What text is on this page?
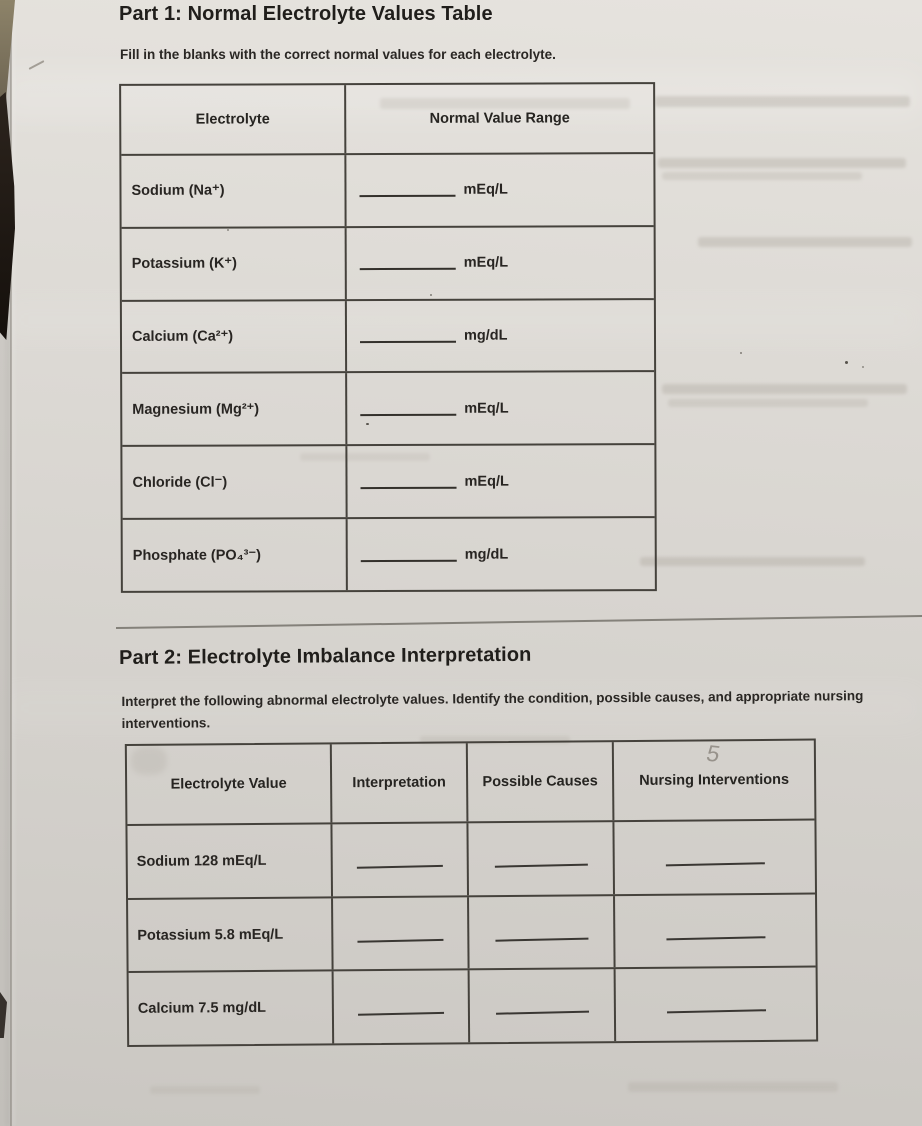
Part 1: Normal Electrolyte Values Table
Fill in the blanks with the correct normal values for each electrolyte.
Electrolyte	Normal Value Range
Sodium (Na⁺)	mEq/L
Potassium (K⁺)	mEq/L
Calcium (Ca²⁺)	mg/dL
Magnesium (Mg²⁺)	mEq/L
Chloride (Cl⁻)	mEq/L
Phosphate (PO₄³⁻)	mg/dL
Part 2: Electrolyte Imbalance Interpretation
Interpret the following abnormal electrolyte values. Identify the condition, possible causes, and appropriate nursing interventions.
5
Electrolyte Value	Interpretation	Possible Causes	Nursing Interventions
Sodium 128 mEq/L
Potassium 5.8 mEq/L
Calcium 7.5 mg/dL
